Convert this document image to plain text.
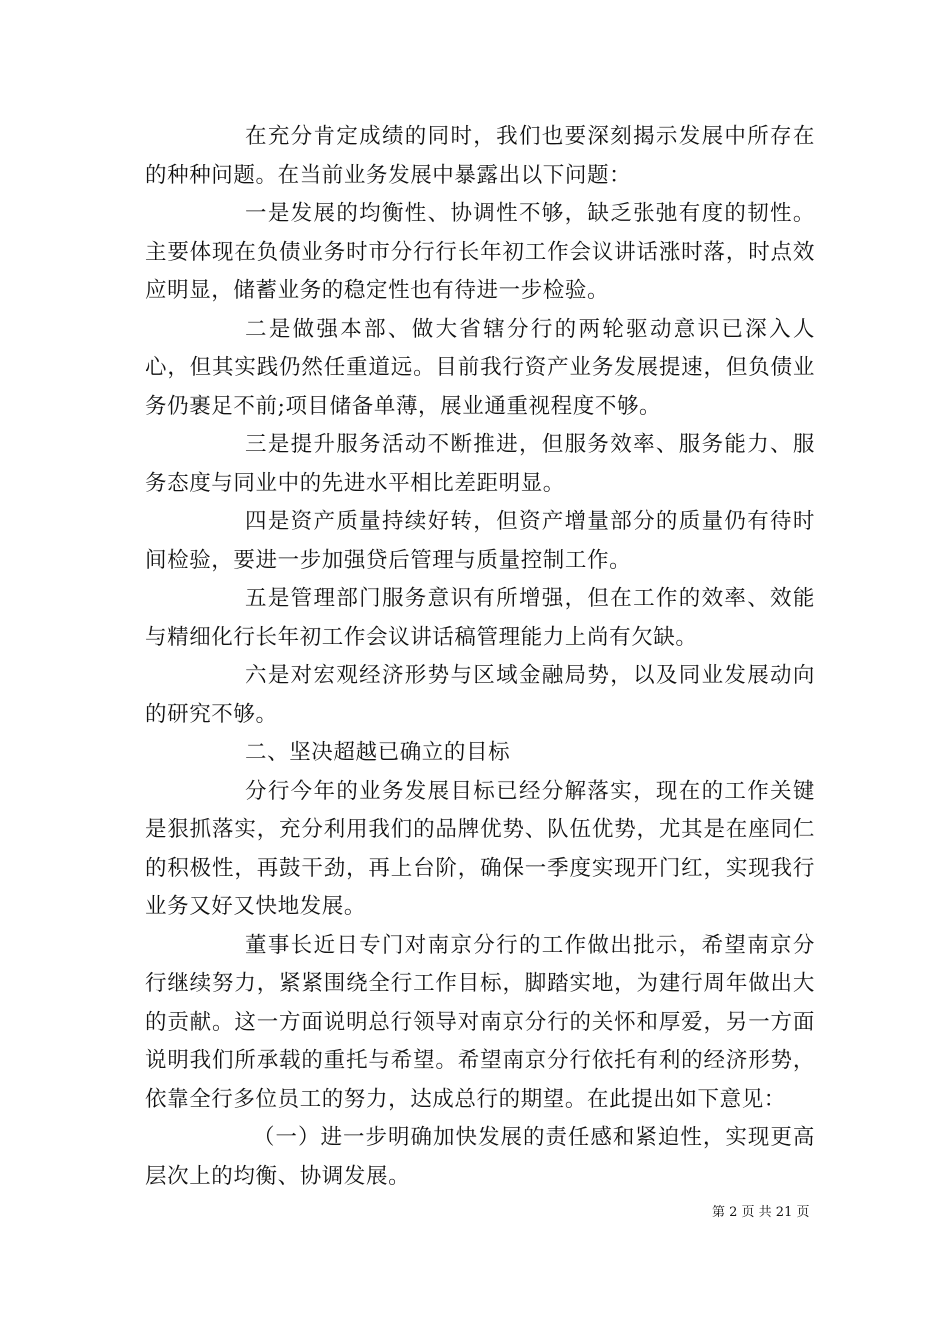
在充分肯定成绩的同时，我们也要深刻揭示发展中所存在的种种问题。在当前业务发展中暴露出以下问题：

一是发展的均衡性、协调性不够，缺乏张弛有度的韧性。主要体现在负债业务时市分行行长年初工作会议讲话涨时落，时点效应明显，储蓄业务的稳定性也有待进一步检验。

二是做强本部、做大省辖分行的两轮驱动意识已深入人心，但其实践仍然任重道远。目前我行资产业务发展提速，但负债业务仍裹足不前;项目储备单薄，展业通重视程度不够。

三是提升服务活动不断推进，但服务效率、服务能力、服务态度与同业中的先进水平相比差距明显。

四是资产质量持续好转，但资产增量部分的质量仍有待时间检验，要进一步加强贷后管理与质量控制工作。

五是管理部门服务意识有所增强，但在工作的效率、效能与精细化行长年初工作会议讲话稿管理能力上尚有欠缺。

六是对宏观经济形势与区域金融局势，以及同业发展动向的研究不够。

二、坚决超越已确立的目标

分行今年的业务发展目标已经分解落实，现在的工作关键是狠抓落实，充分利用我们的品牌优势、队伍优势，尤其是在座同仁的积极性，再鼓干劲，再上台阶，确保一季度实现开门红，实现我行业务又好又快地发展。

董事长近日专门对南京分行的工作做出批示，希望南京分行继续努力，紧紧围绕全行工作目标，脚踏实地，为建行周年做出大的贡献。这一方面说明总行领导对南京分行的关怀和厚爱，另一方面说明我们所承载的重托与希望。希望南京分行依托有利的经济形势，依靠全行多位员工的努力，达成总行的期望。在此提出如下意见：

（一）进一步明确加快发展的责任感和紧迫性，实现更高层次上的均衡、协调发展。

第 2 页 共 21 页
